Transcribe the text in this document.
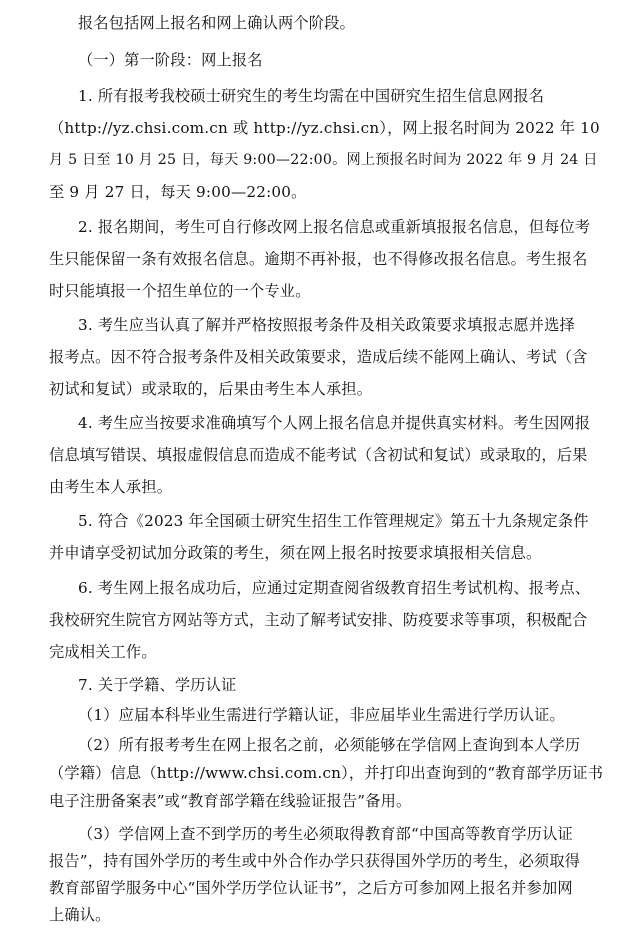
报名包括网上报名和网上确认两个阶段。
（一）第一阶段：网上报名
1. 所有报考我校硕士研究生的考生均需在中国研究生招生信息网报名
（http://yz.chsi.com.cn 或 http://yz.chsi.cn），网上报名时间为 2022 年 10
月 5 日至 10 月 25 日，每天 9:00—22:00。网上预报名时间为 2022 年 9 月 24 日
至 9 月 27 日，每天 9:00—22:00。
2. 报名期间，考生可自行修改网上报名信息或重新填报报名信息，但每位考
生只能保留一条有效报名信息。逾期不再补报，也不得修改报名信息。考生报名
时只能填报一个招生单位的一个专业。
3. 考生应当认真了解并严格按照报考条件及相关政策要求填报志愿并选择
报考点。因不符合报考条件及相关政策要求，造成后续不能网上确认、考试（含
初试和复试）或录取的，后果由考生本人承担。
4. 考生应当按要求准确填写个人网上报名信息并提供真实材料。考生因网报
信息填写错误、填报虚假信息而造成不能考试（含初试和复试）或录取的，后果
由考生本人承担。
5. 符合《2023 年全国硕士研究生招生工作管理规定》第五十九条规定条件
并申请享受初试加分政策的考生，须在网上报名时按要求填报相关信息。
6. 考生网上报名成功后，应通过定期查阅省级教育招生考试机构、报考点、
我校研究生院官方网站等方式，主动了解考试安排、防疫要求等事项，积极配合
完成相关工作。
7. 关于学籍、学历认证
（1）应届本科毕业生需进行学籍认证，非应届毕业生需进行学历认证。
（2）所有报考考生在网上报名之前，必须能够在学信网上查询到本人学历
（学籍）信息（http://www.chsi.com.cn），并打印出查询到的“教育部学历证书
电子注册备案表”或“教育部学籍在线验证报告”备用。
（3）学信网上查不到学历的考生必须取得教育部“中国高等教育学历认证
报告”，持有国外学历的考生或中外合作办学只获得国外学历的考生，必须取得
教育部留学服务中心“国外学历学位认证书”，之后方可参加网上报名并参加网
上确认。
